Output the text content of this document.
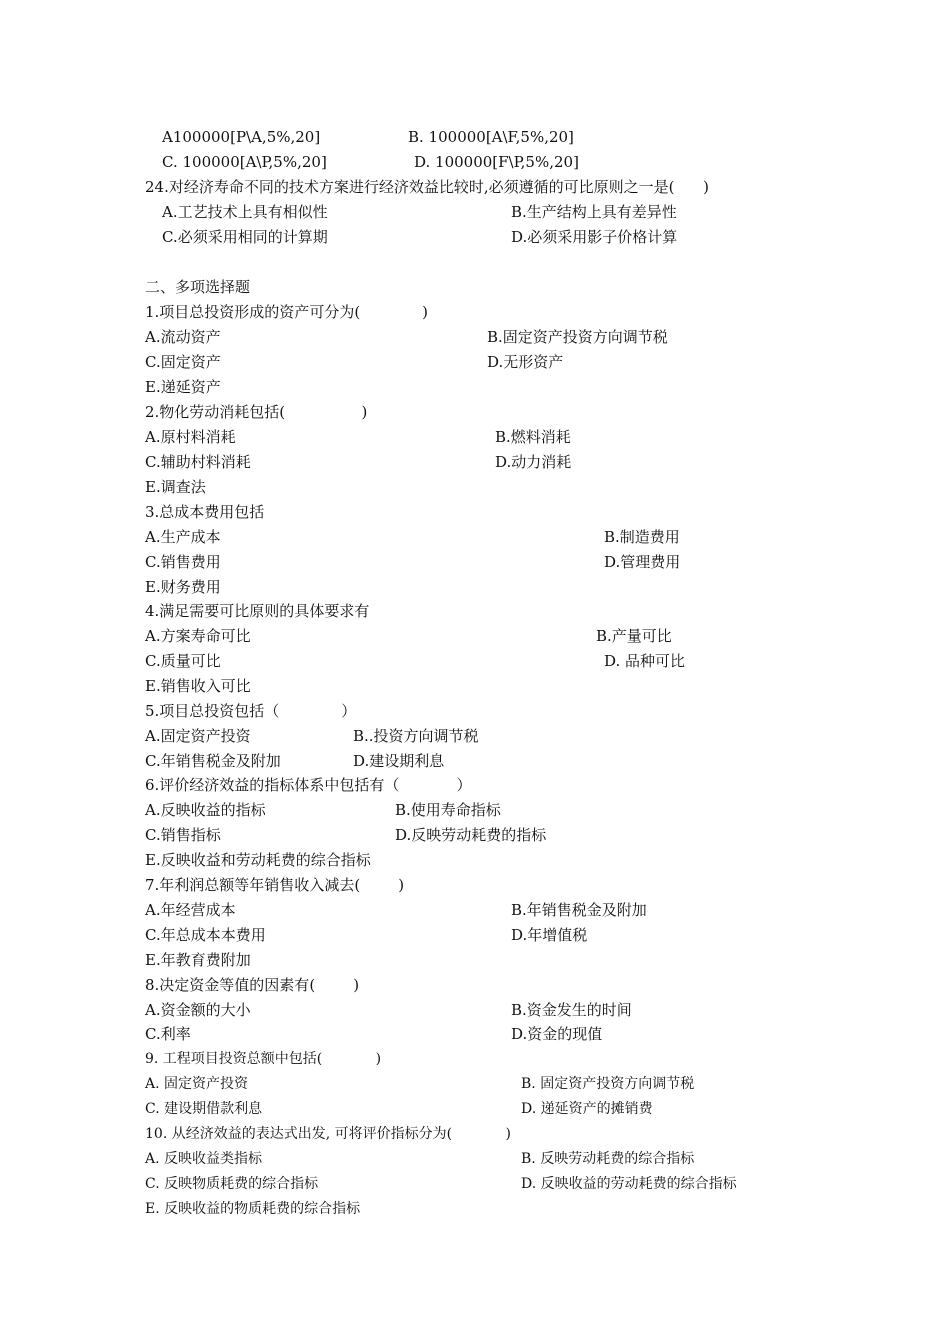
A100000[P\A,5%,20]	B. 100000[A\F,5%,20]
C. 100000[A\P,5%,20]	D. 100000[F\P,5%,20]
24.对经济寿命不同的技术方案进行经济效益比较时,必须遵循的可比原则之一是(      )
A.工艺技术上具有相似性	B.生产结构上具有差异性
C.必须采用相同的计算期	D.必须采用影子价格计算
二、多项选择题
1.项目总投资形成的资产可分为(             )
A.流动资产	B.固定资产投资方向调节税
C.固定资产	D.无形资产
E.递延资产
2.物化劳动消耗包括(                )
A.原村料消耗	B.燃料消耗
C.辅助村料消耗	D.动力消耗
E.调查法
3.总成本费用包括
A.生产成本	B.制造费用
C.销售费用	D.管理费用
E.财务费用
4.满足需要可比原则的具体要求有
A.方案寿命可比	B.产量可比
C.质量可比	D. 品种可比
E.销售收入可比
5.项目总投资包括（             ）
A.固定资产投资	B..投资方向调节税
C.年销售税金及附加	D.建设期利息
6.评价经济效益的指标体系中包括有（            ）
A.反映收益的指标	B.使用寿命指标
C.销售指标	D.反映劳动耗费的指标
E.反映收益和劳动耗费的综合指标
7.年利润总额等年销售收入减去(        )
A.年经营成本	B.年销售税金及附加
C.年总成本本费用	D.年增值税
E.年教育费附加
8.决定资金等值的因素有(        )
A.资金额的大小	B.资金发生的时间
C.利率	D.资金的现值
9. 工程项目投资总额中包括(            )
A. 固定资产投资	B. 固定资产投资方向调节税
C. 建设期借款利息	D. 递延资产的摊销费
10. 从经济效益的表达式出发, 可将评价指标分为(            )
A. 反映收益类指标	B. 反映劳动耗费的综合指标
C. 反映物质耗费的综合指标	D. 反映收益的劳动耗费的综合指标
E. 反映收益的物质耗费的综合指标
